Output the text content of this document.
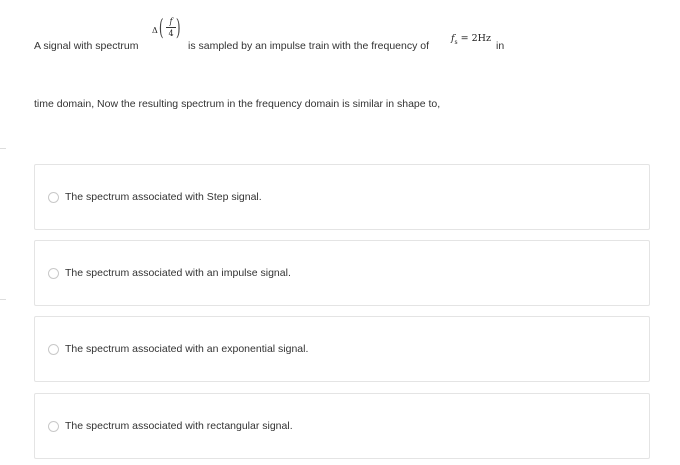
A signal with spectrum
Δ ( f
4 )
is sampled by an impulse train with the frequency of
$f_s = 2Hz$
in
time domain, Now the resulting spectrum in the frequency domain is similar in shape to,
The spectrum associated with Step signal.
The spectrum associated with an impulse signal.
The spectrum associated with an exponential signal.
The spectrum associated with rectangular signal.
